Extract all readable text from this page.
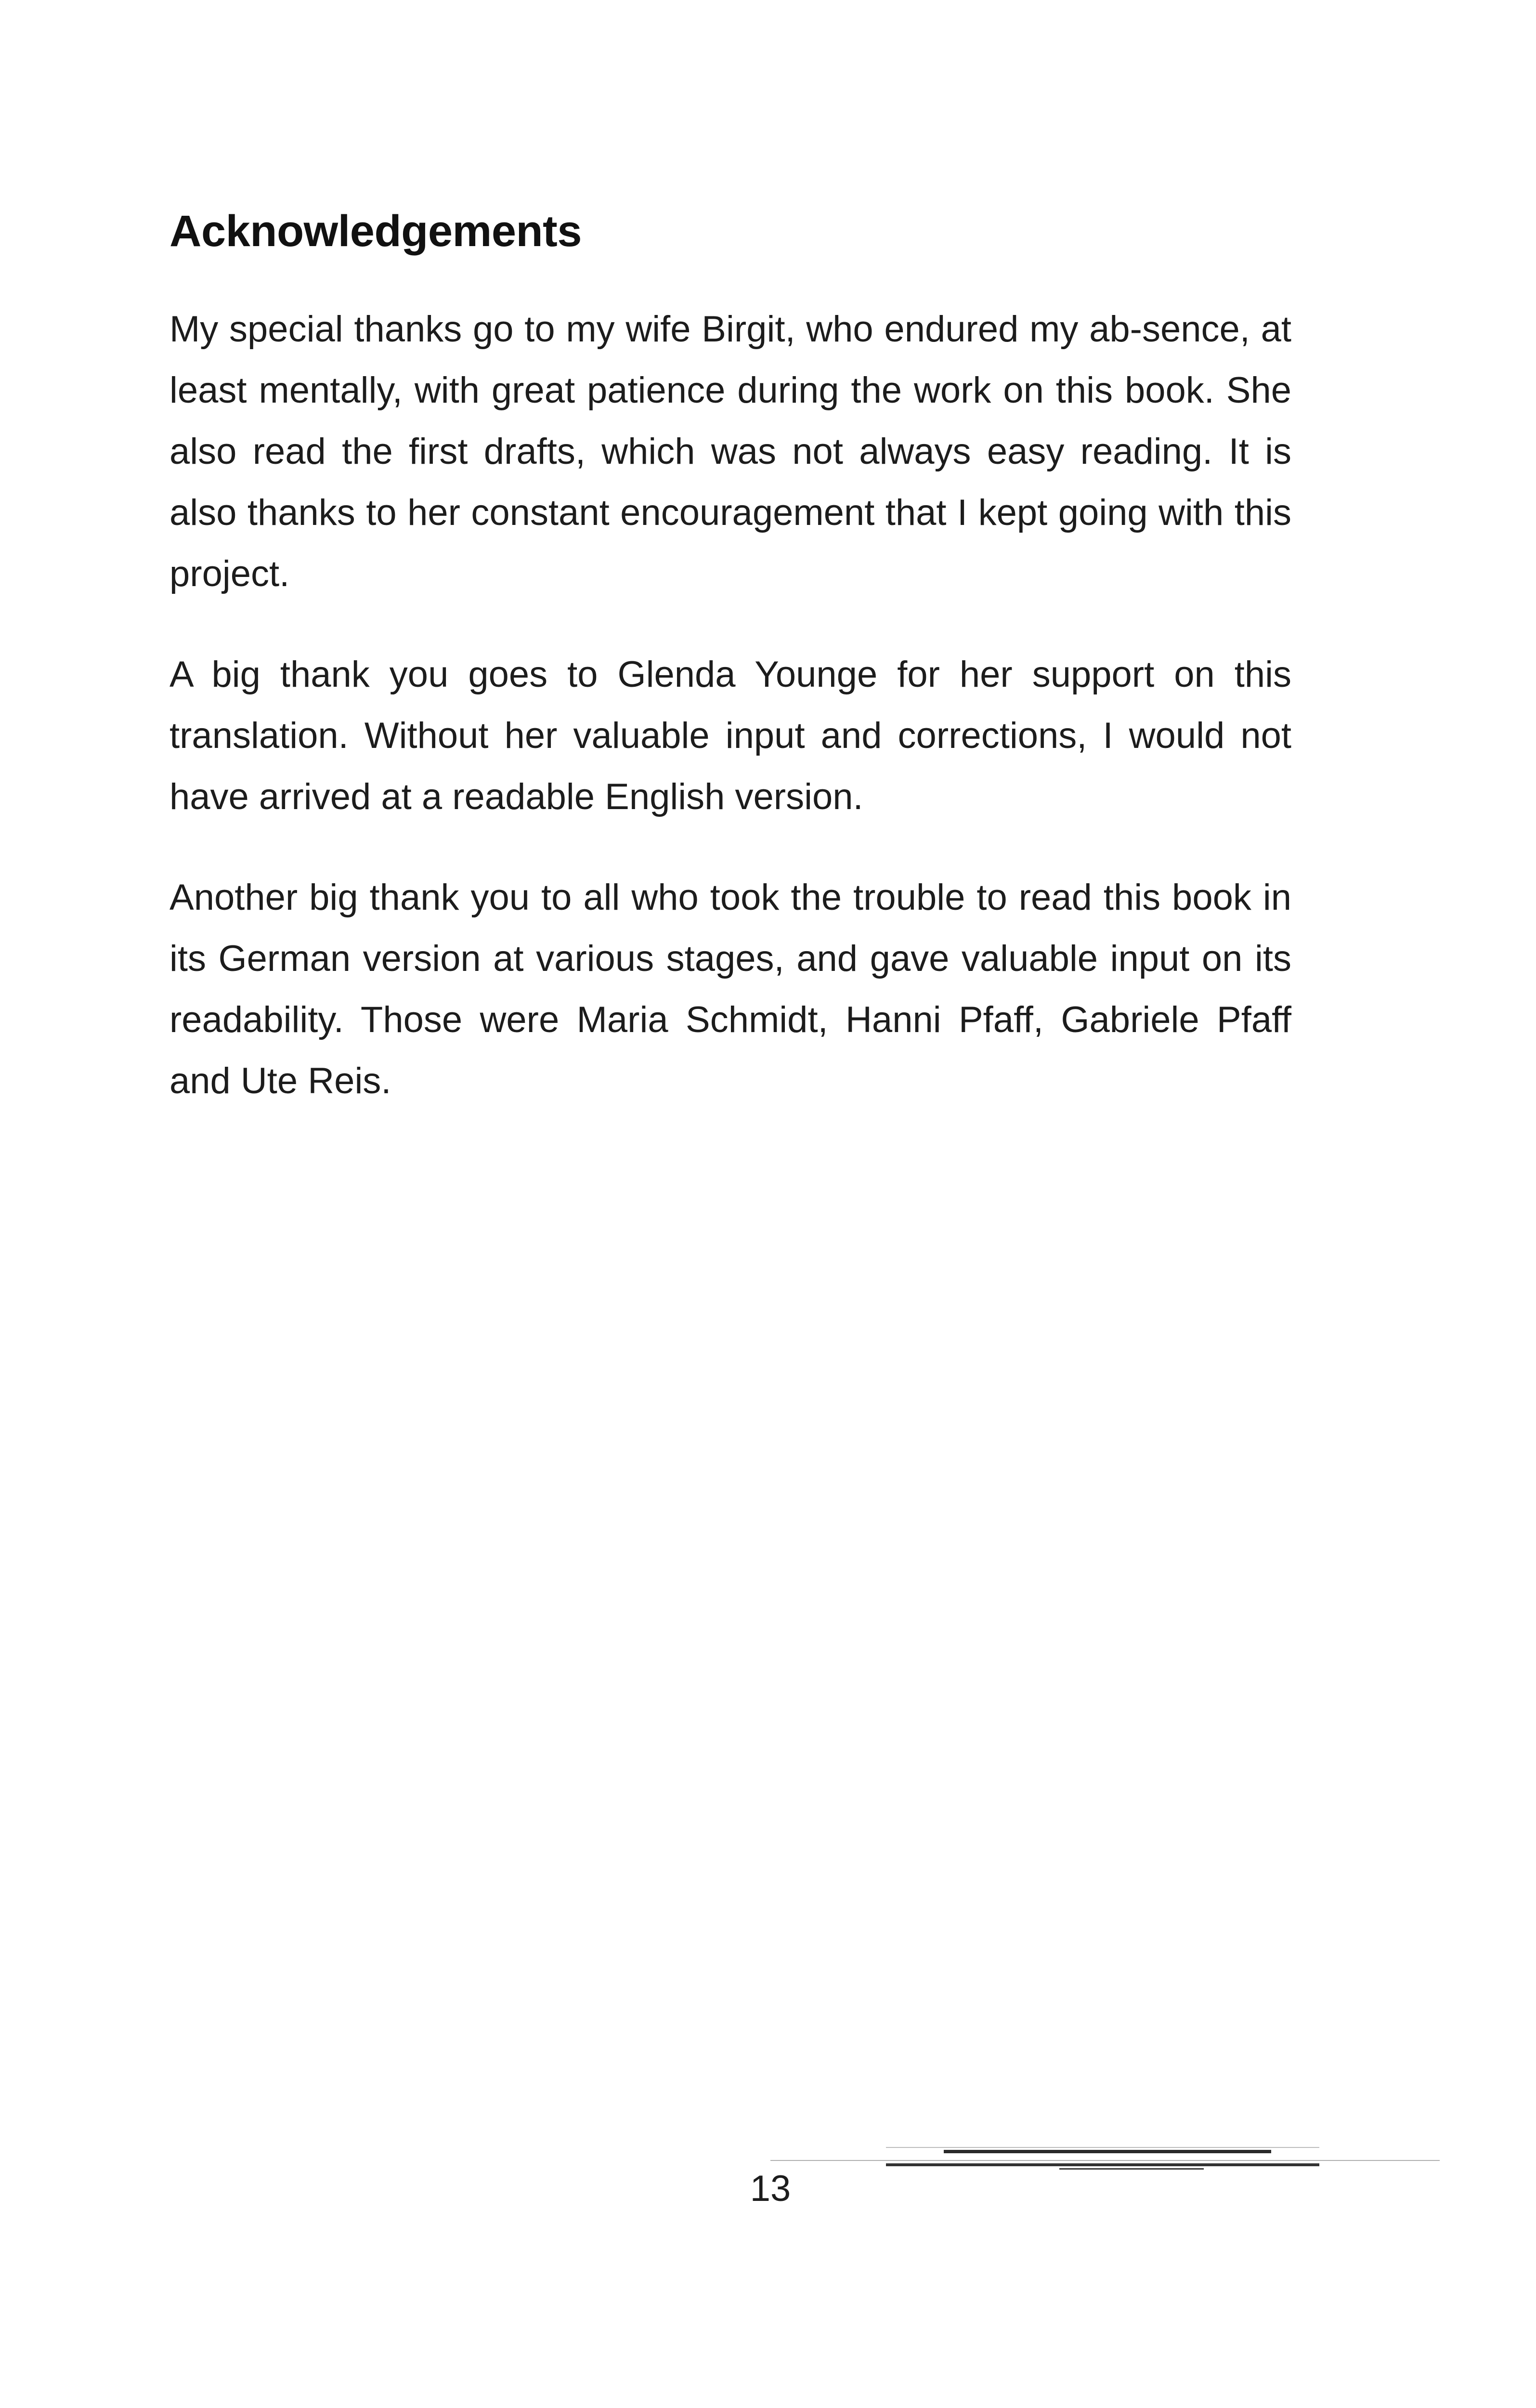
Acknowledgements

My special thanks go to my wife Birgit, who endured my ab-sence, at least mentally, with great patience during the work on this book. She also read the first drafts, which was not always easy reading. It is also thanks to her constant encouragement that I kept going with this project.

A big thank you goes to Glenda Younge for her support on this translation. Without her valuable input and corrections, I would not have arrived at a readable English version.

Another big thank you to all who took the trouble to read this book in its German version at various stages, and gave valuable input on its readability. Those were Maria Schmidt, Hanni Pfaff, Gabriele Pfaff and Ute Reis.

13
